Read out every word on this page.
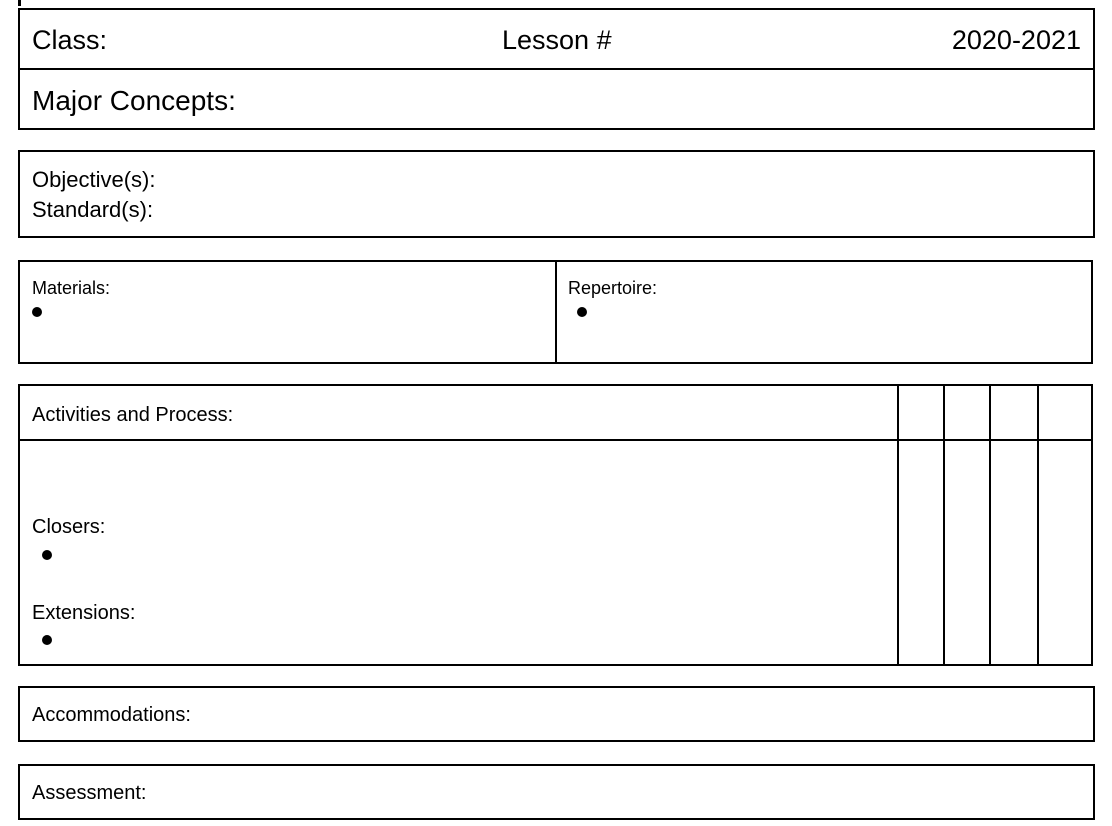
Class:	Lesson #	2020-2021
Major Concepts:
Objective(s):
Standard(s):
Materials:	Repertoire:
Activities and Process:
Closers:
Extensions:
Accommodations:
Assessment:
